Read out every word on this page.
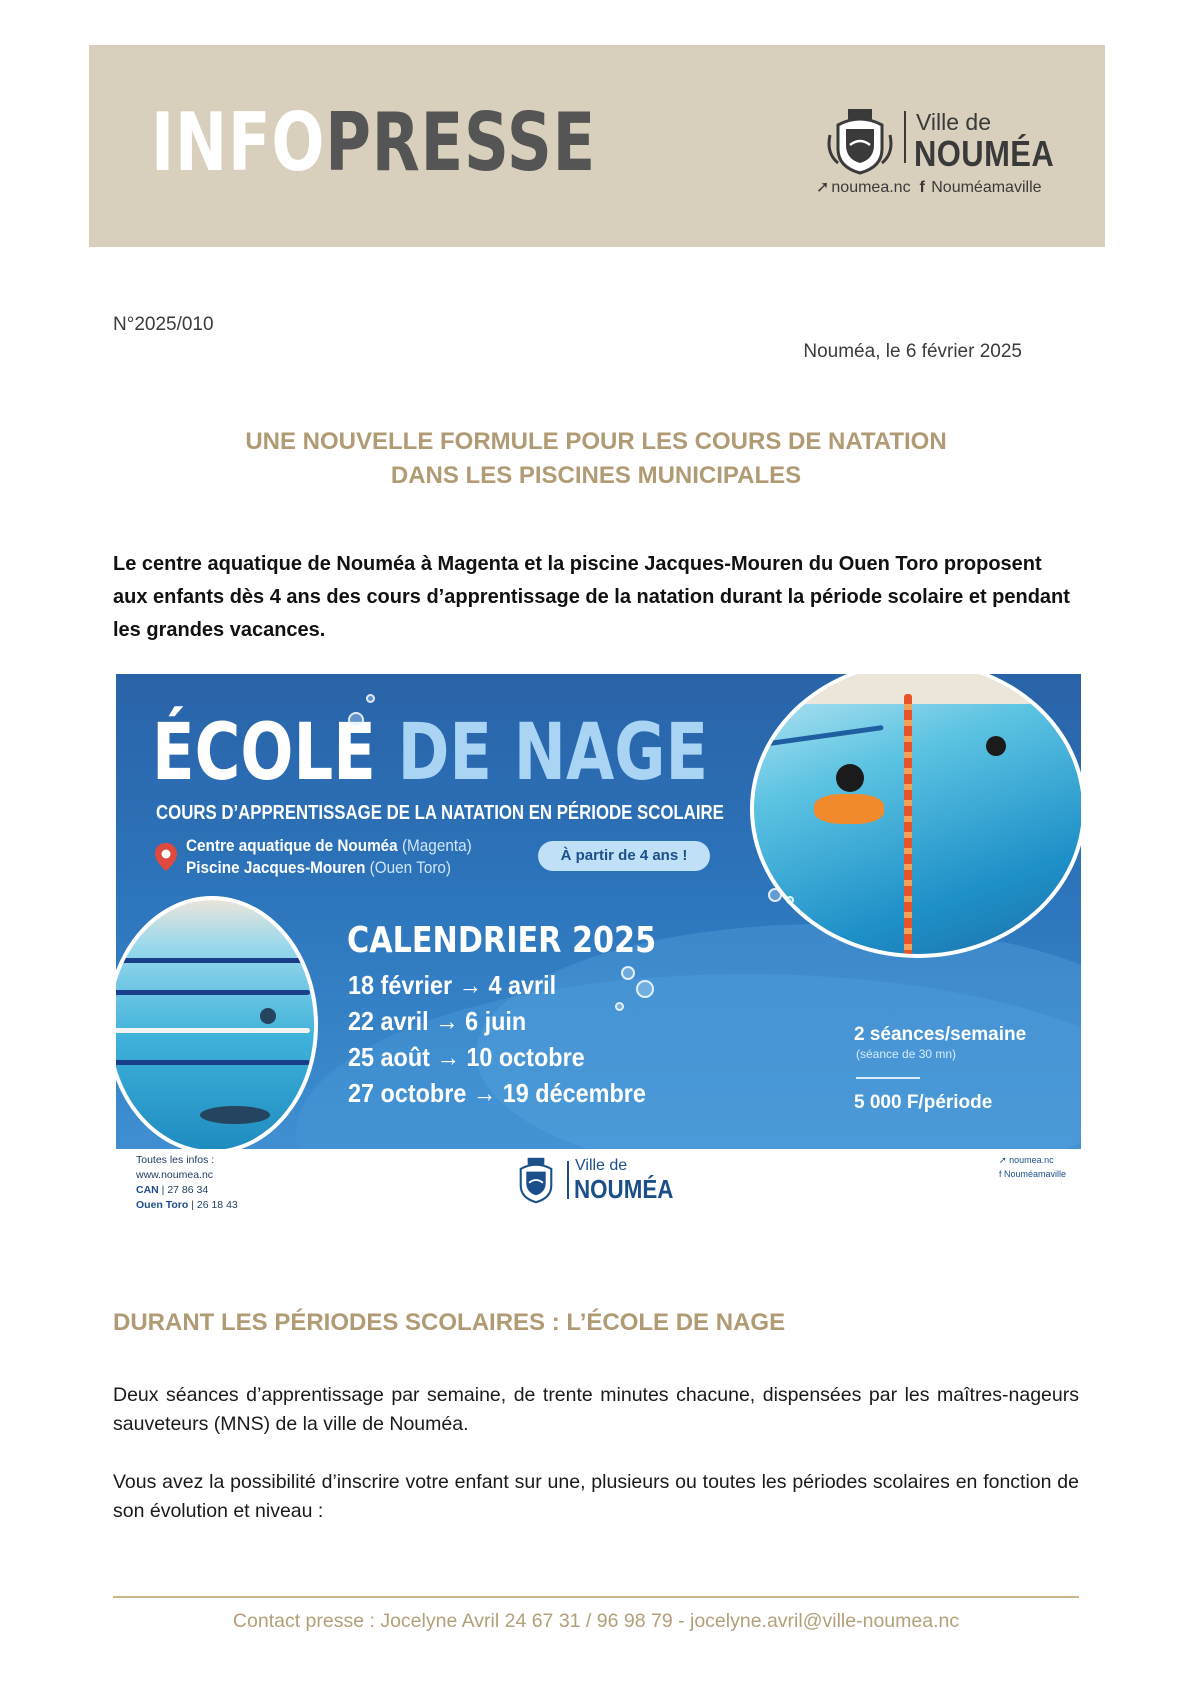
INFOPRESSE	Ville de
NOUMÉA
➚ noumea.nc f Nouméamaville
N°2025/010
Nouméa, le 6 février 2025
UNE NOUVELLE FORMULE POUR LES COURS DE NATATION
DANS LES PISCINES MUNICIPALES
Le centre aquatique de Nouméa à Magenta et la piscine Jacques-Mouren du Ouen Toro proposent aux enfants dès 4 ans des cours d’apprentissage de la natation durant la période scolaire et pendant les grandes vacances.
ÉCOLE DE NAGE
COURS D’APPRENTISSAGE DE LA NATATION EN PÉRIODE SCOLAIRE
Centre aquatique de Nouméa (Magenta)
Piscine Jacques-Mouren (Ouen Toro)
À partir de 4 ans !
CALENDRIER 2025
18 février → 4 avril
22 avril → 6 juin
25 août → 10 octobre
27 octobre → 19 décembre
2 séances/semaine
(séance de 30 mn)
5 000 F/période
Toutes les infos :
www.noumea.nc
CAN | 27 86 34
Ouen Toro | 26 18 43
Ville de
NOUMÉA
➚ noumea.nc
f Nouméamaville
DURANT LES PÉRIODES SCOLAIRES : L’ÉCOLE DE NAGE
Deux séances d’apprentissage par semaine, de trente minutes chacune, dispensées par les maîtres-nageurs sauveteurs (MNS) de la ville de Nouméa.
Vous avez la possibilité d’inscrire votre enfant sur une, plusieurs ou toutes les périodes scolaires en fonction de son évolution et niveau :
Contact presse : Jocelyne Avril 24 67 31 / 96 98 79 - jocelyne.avril@ville-noumea.nc
